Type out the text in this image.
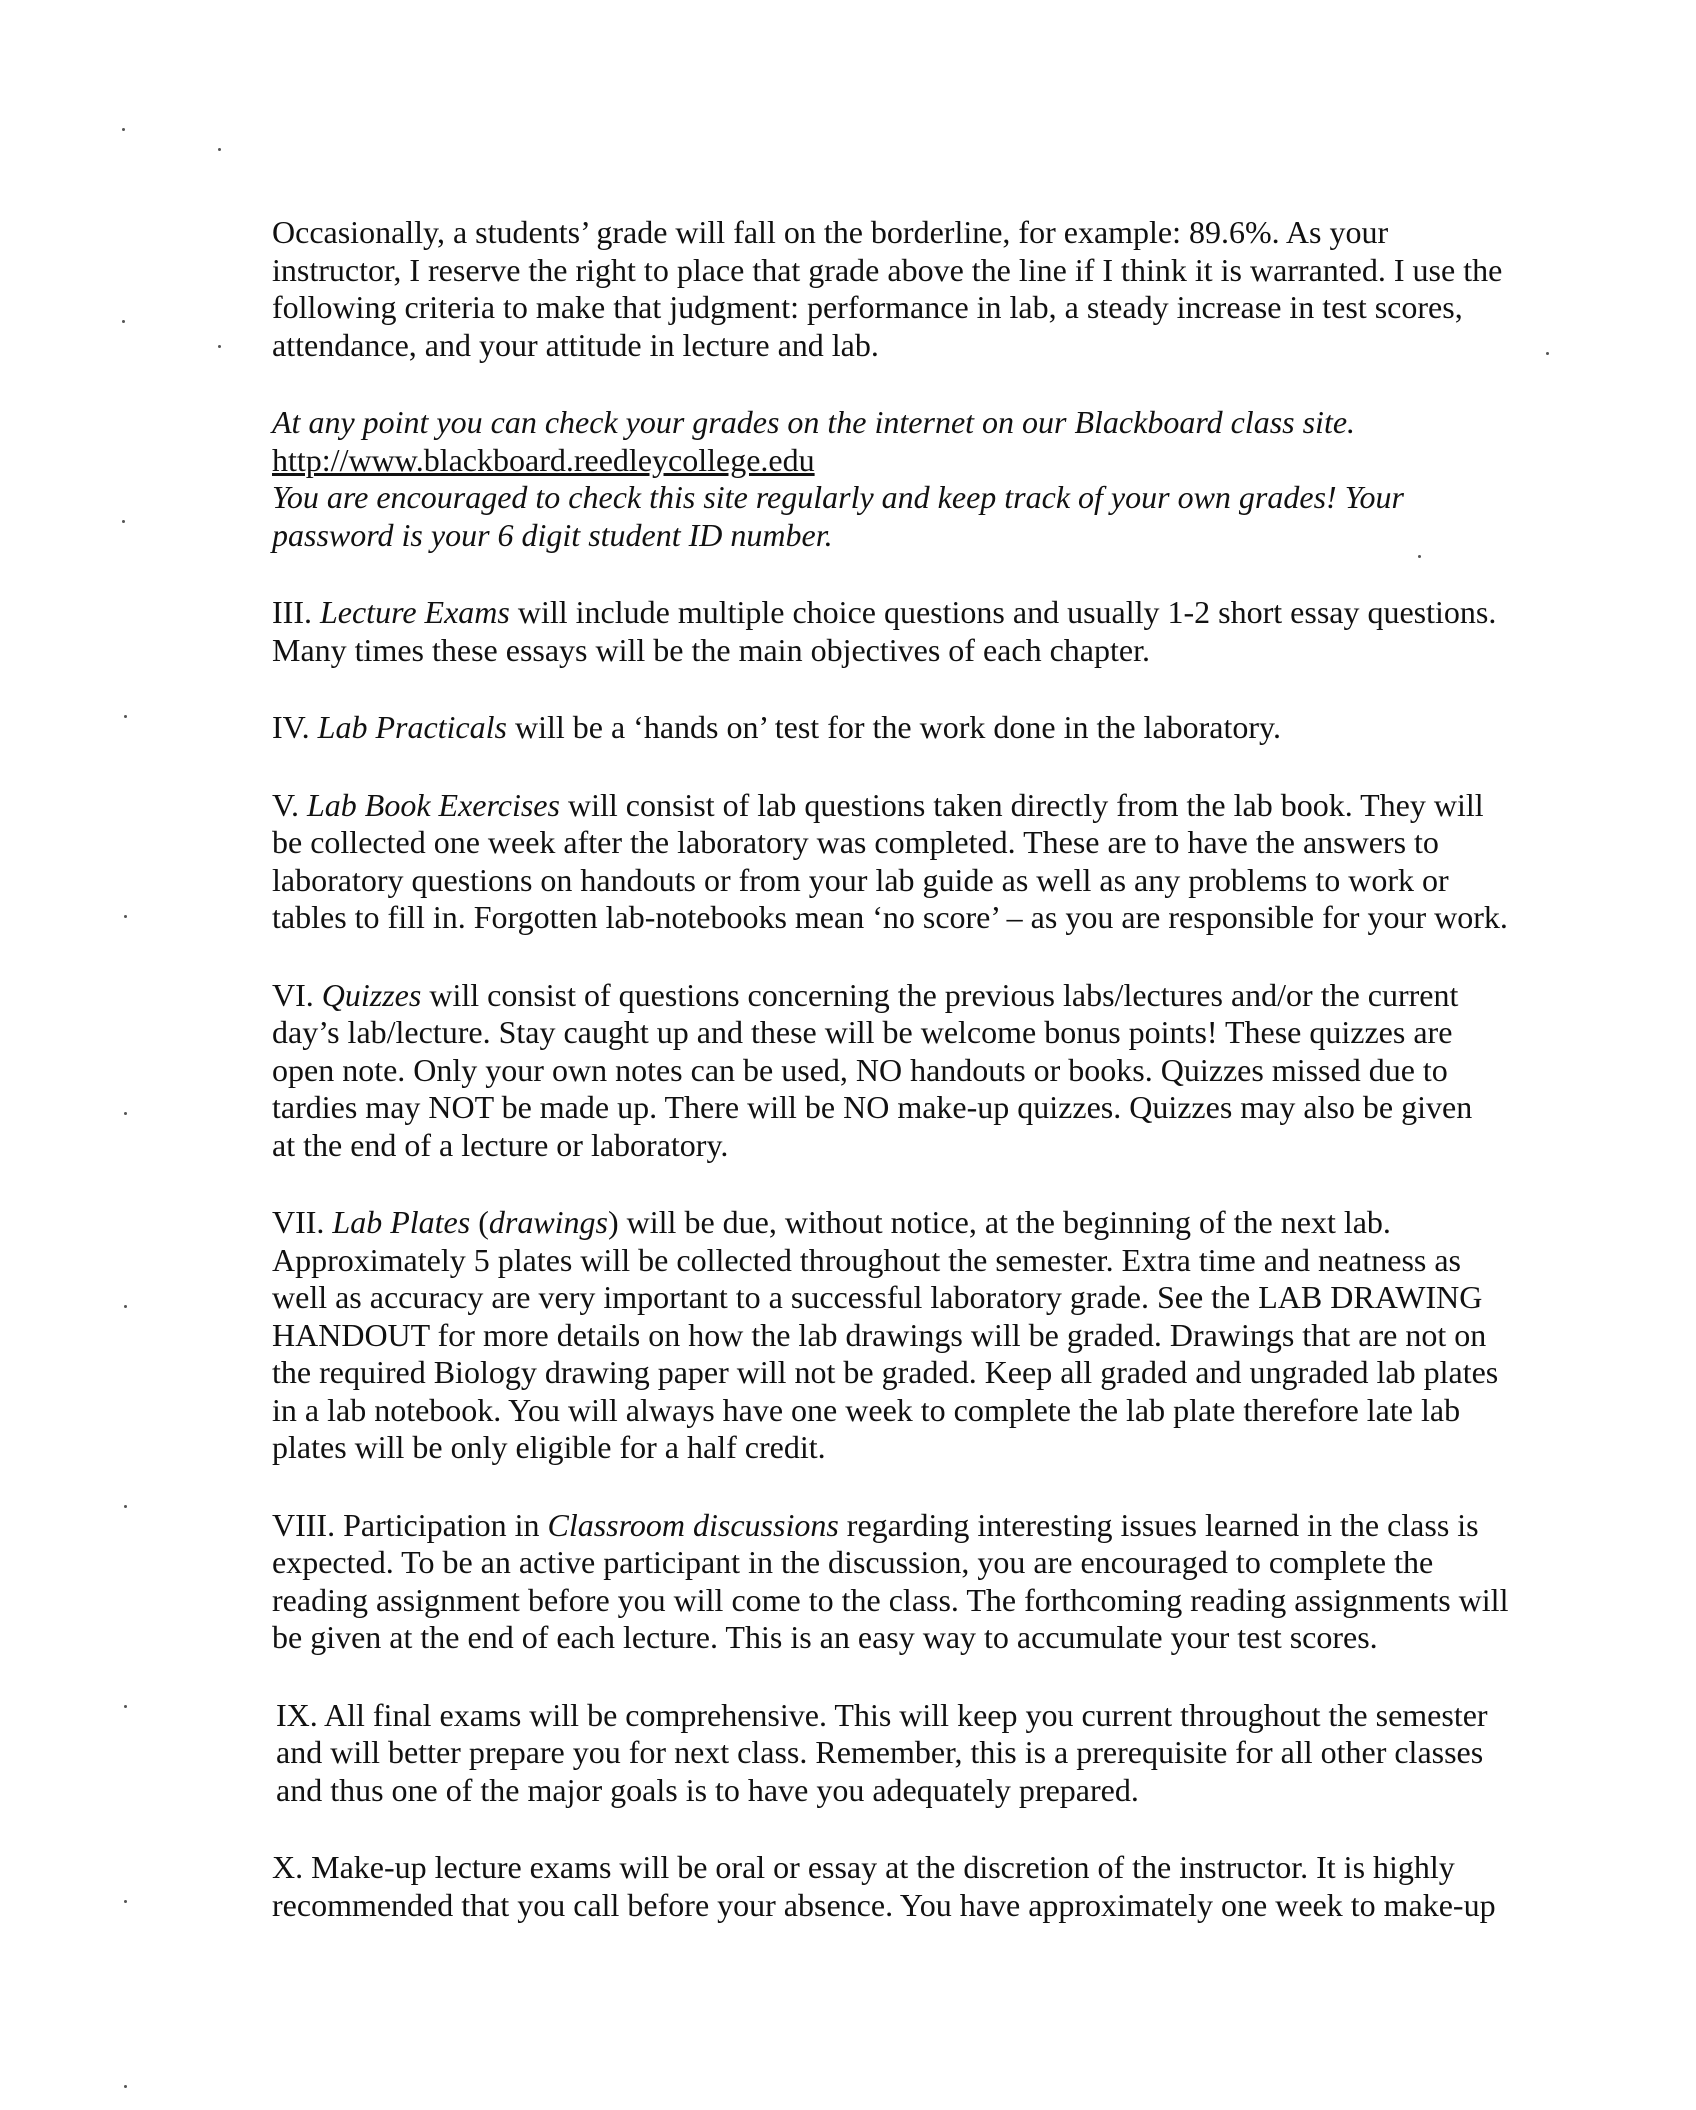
Occasionally, a students’ grade will fall on the borderline, for example: 89.6%. As your
instructor, I reserve the right to place that grade above the line if I think it is warranted. I use the
following criteria to make that judgment: performance in lab, a steady increase in test scores,
attendance, and your attitude in lecture and lab.

At any point you can check your grades on the internet on our Blackboard class site.
http://www.blackboard.reedleycollege.edu
You are encouraged to check this site regularly and keep track of your own grades! Your
password is your 6 digit student ID number.

III. Lecture Exams will include multiple choice questions and usually 1-2 short essay questions.
Many times these essays will be the main objectives of each chapter.

IV. Lab Practicals will be a ‘hands on’ test for the work done in the laboratory.

V. Lab Book Exercises will consist of lab questions taken directly from the lab book. They will
be collected one week after the laboratory was completed. These are to have the answers to
laboratory questions on handouts or from your lab guide as well as any problems to work or
tables to fill in. Forgotten lab-notebooks mean ‘no score’ – as you are responsible for your work.

VI. Quizzes will consist of questions concerning the previous labs/lectures and/or the current
day’s lab/lecture. Stay caught up and these will be welcome bonus points! These quizzes are
open note. Only your own notes can be used, NO handouts or books. Quizzes missed due to
tardies may NOT be made up. There will be NO make-up quizzes. Quizzes may also be given
at the end of a lecture or laboratory.

VII. Lab Plates (drawings) will be due, without notice, at the beginning of the next lab.
Approximately 5 plates will be collected throughout the semester. Extra time and neatness as
well as accuracy are very important to a successful laboratory grade. See the LAB DRAWING
HANDOUT for more details on how the lab drawings will be graded. Drawings that are not on
the required Biology drawing paper will not be graded. Keep all graded and ungraded lab plates
in a lab notebook. You will always have one week to complete the lab plate therefore late lab
plates will be only eligible for a half credit.

VIII. Participation in Classroom discussions regarding interesting issues learned in the class is
expected. To be an active participant in the discussion, you are encouraged to complete the
reading assignment before you will come to the class. The forthcoming reading assignments will
be given at the end of each lecture. This is an easy way to accumulate your test scores.

IX. All final exams will be comprehensive. This will keep you current throughout the semester
and will better prepare you for next class. Remember, this is a prerequisite for all other classes
and thus one of the major goals is to have you adequately prepared.

X. Make-up lecture exams will be oral or essay at the discretion of the instructor. It is highly
recommended that you call before your absence. You have approximately one week to make-up
